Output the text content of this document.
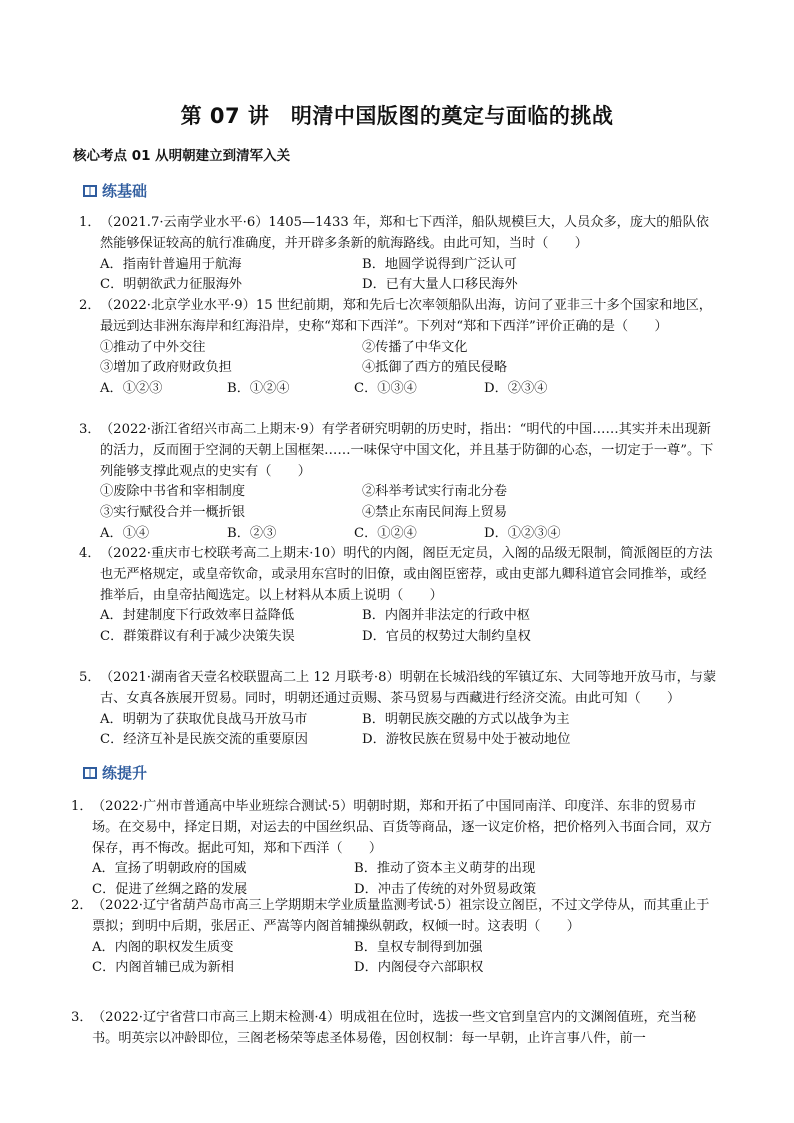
第 07 讲　明清中国版图的奠定与面临的挑战
核心考点 01 从明朝建立到清军入关
练基础
1． （2021.7·云南学业水平·6）1405—1433 年，郑和七下西洋，船队规模巨大，人员众多，庞大的船队依然能够保证较高的航行准确度，并开辟多条新的航海路线。由此可知，当时（　　）

A．指南针普遍用于航海	B．地圆学说得到广泛认可
C．明朝欲武力征服海外	D．已有大量人口移民海外
2． （2022·北京学业水平·9）15 世纪前期，郑和先后七次率领船队出海，访问了亚非三十多个国家和地区，最远到达非洲东海岸和红海沿岸，史称“郑和下西洋”。下列对“郑和下西洋”评价正确的是（　　）

①推动了中外交往	②传播了中华文化
③增加了政府财政负担	④抵御了西方的殖民侵略
A．①②③	B．①②④	C．①③④	D．②③④
3． （2022·浙江省绍兴市高二上期末·9）有学者研究明朝的历史时，指出：“明代的中国……其实并未出现新的活力，反而囿于空洞的天朝上国框架……一味保守中国文化，并且基于防御的心态，一切定于一尊”。下列能够支撑此观点的史实有（　　）

①废除中书省和宰相制度	②科举考试实行南北分卷
③实行赋役合并一概折银	④禁止东南民间海上贸易
A．①④	B．②③	C．①②④	D．①②③④
4． （2022·重庆市七校联考高二上期末·10）明代的内阁，阁臣无定员，入阁的品级无限制，简派阁臣的方法也无严格规定，或皇帝钦命，或录用东宫时的旧僚，或由阁臣密荐，或由吏部九卿科道官会同推举，或经推举后，由皇帝拈阄选定。以上材料从本质上说明（　　）

A．封建制度下行政效率日益降低	B．内阁并非法定的行政中枢
C．群策群议有利于减少决策失误	D．官员的权势过大制约皇权
5． （2021·湖南省天壹名校联盟高二上 12 月联考·8）明朝在长城沿线的军镇辽东、大同等地开放马市，与蒙古、女真各族展开贸易。同时，明朝还通过贡赐、茶马贸易与西藏进行经济交流。由此可知（　　）

A．明朝为了获取优良战马开放马市	B．明朝民族交融的方式以战争为主
C．经济互补是民族交流的重要原因	D．游牧民族在贸易中处于被动地位
练提升
1． （2022·广州市普通高中毕业班综合测试·5）明朝时期，郑和开拓了中国同南洋、印度洋、东非的贸易市场。在交易中，择定日期，对运去的中国丝织品、百货等商品，逐一议定价格，把价格列入书面合同，双方保存，再不悔改。据此可知，郑和下西洋（　　）

A．宣扬了明朝政府的国威	B．推动了资本主义萌芽的出现
C．促进了丝绸之路的发展	D．冲击了传统的对外贸易政策
2． （2022·辽宁省葫芦岛市高三上学期期末学业质量监测考试·5）祖宗设立阁臣，不过文学侍从，而其重止于票拟；到明中后期，张居正、严嵩等内阁首辅操纵朝政，权倾一时。这表明（　　）

A．内阁的职权发生质变	B．皇权专制得到加强
C．内阁首辅已成为新相	D．内阁侵夺六部职权
3． （2022·辽宁省营口市高三上期末检测·4）明成祖在位时，选拔一些文官到皇宫内的文渊阁值班，充当秘书。明英宗以冲龄即位，三阁老杨荣等虑圣体易倦，因创权制：每一早朝，止许言事八件，前一
